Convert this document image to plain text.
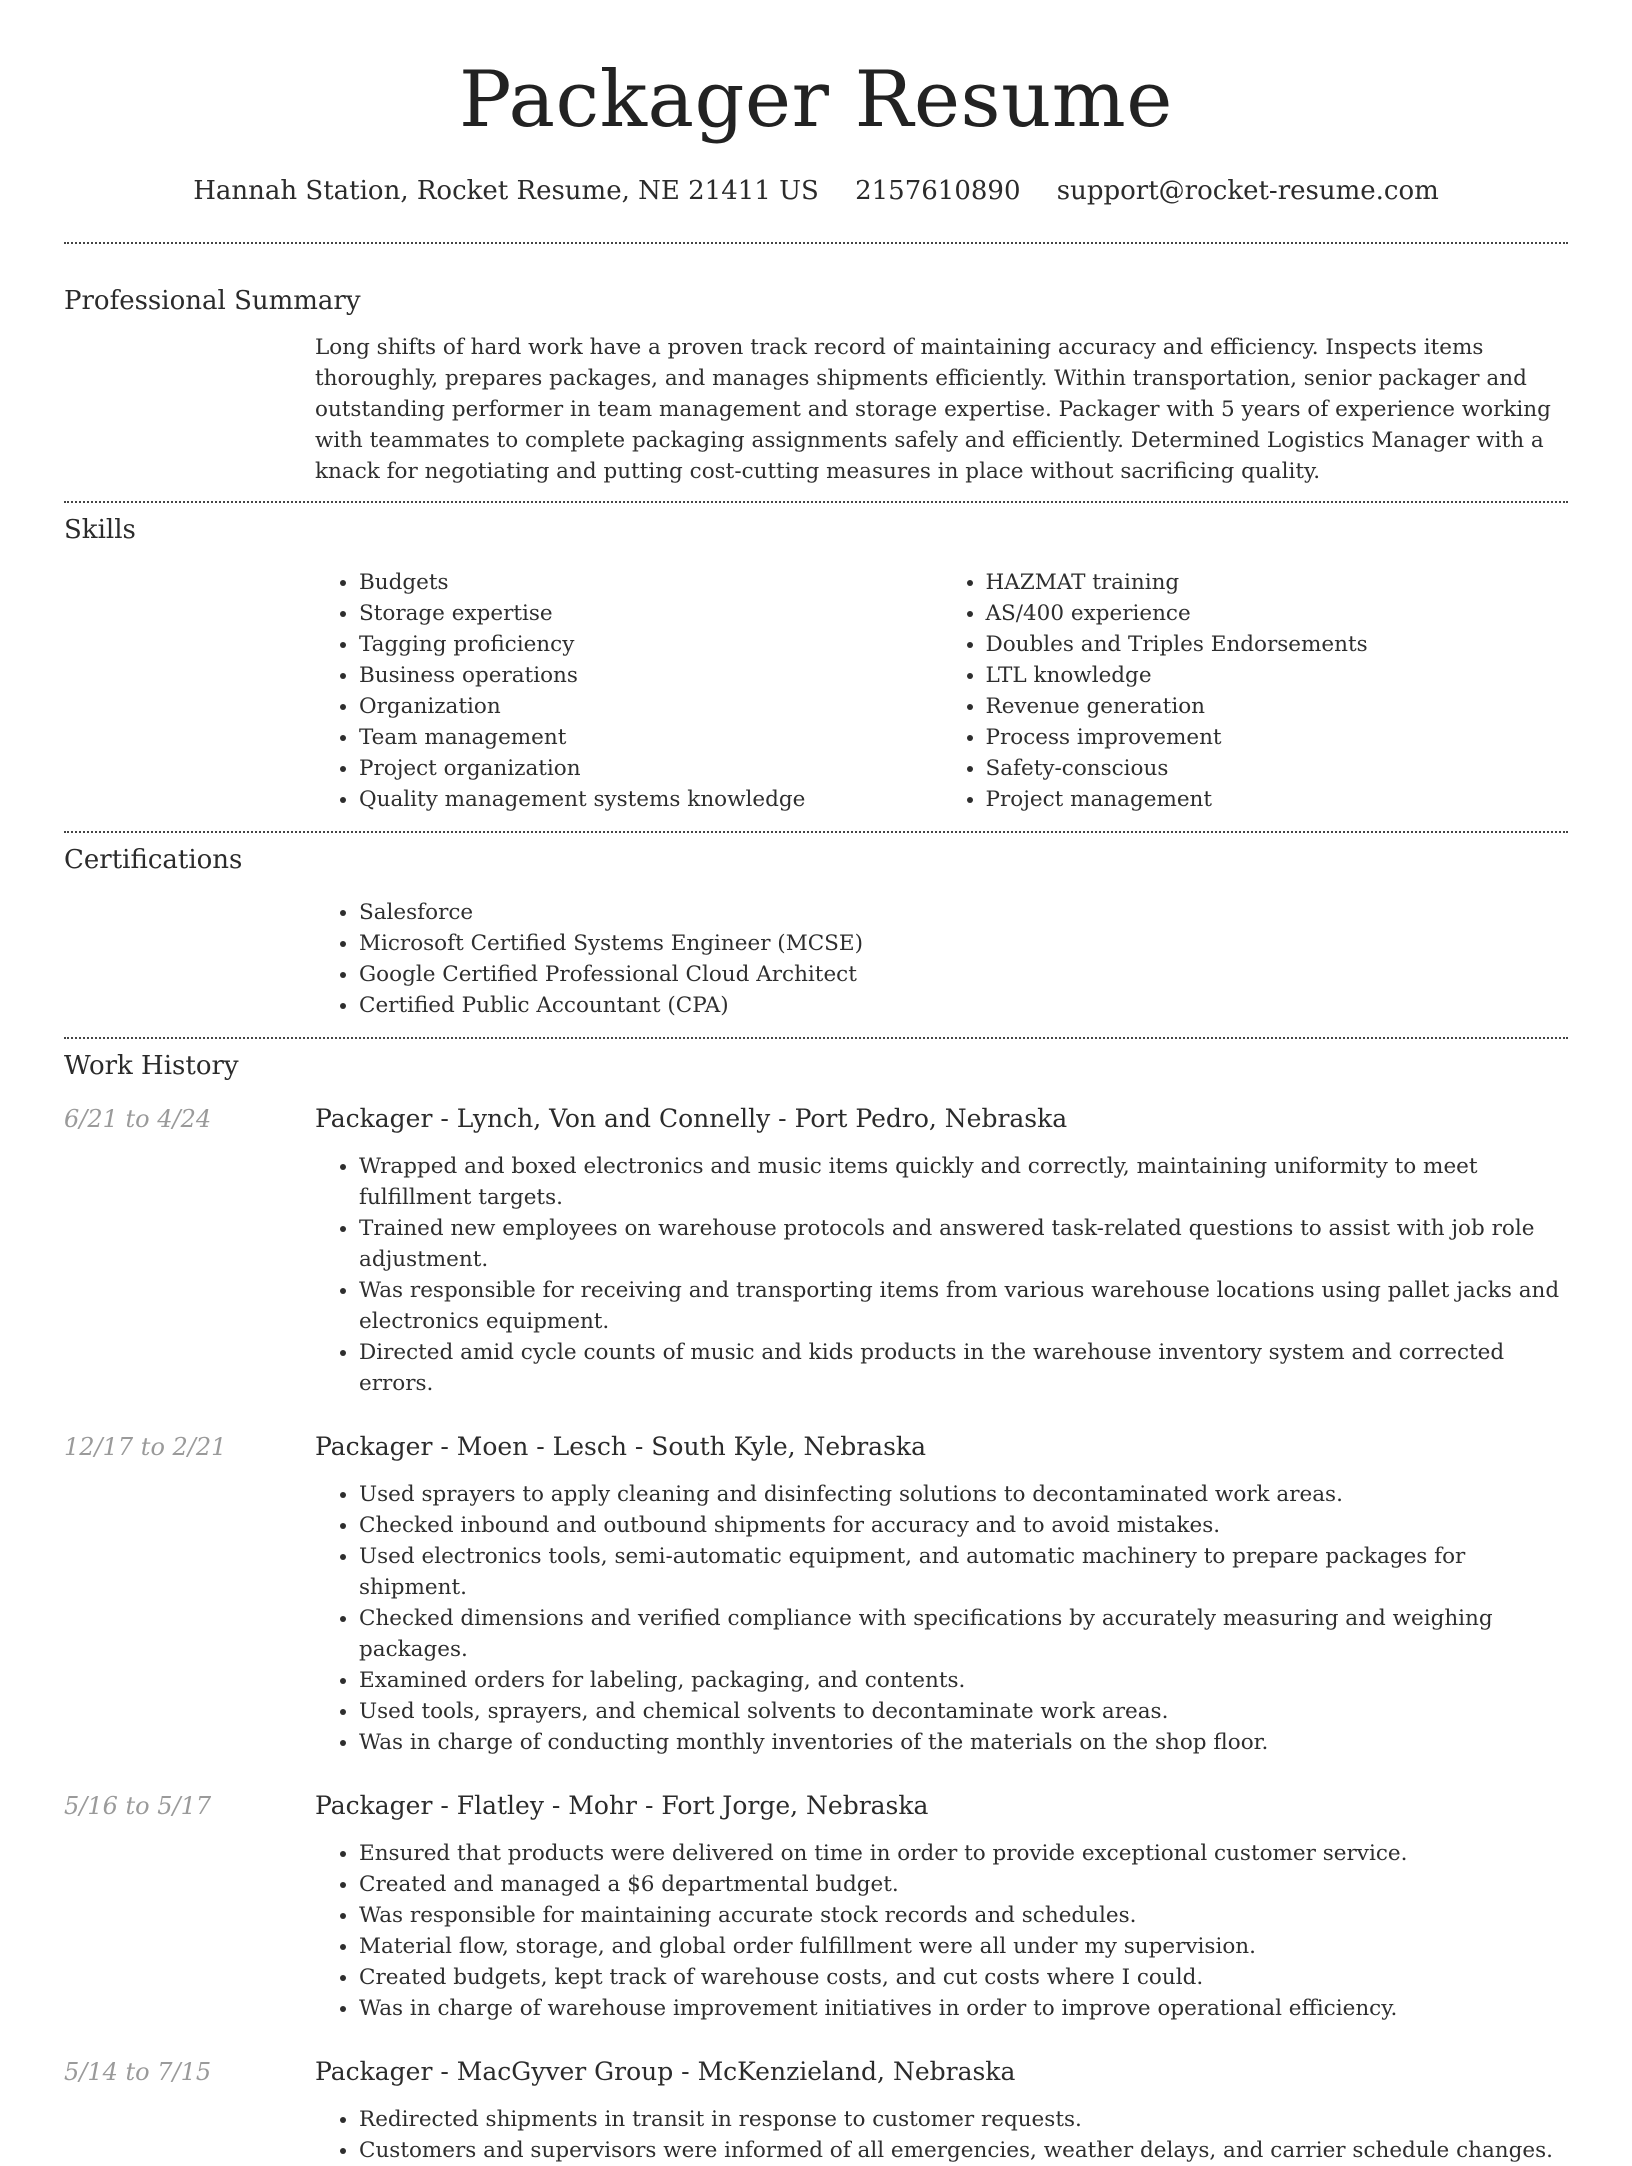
Packager Resume
Hannah Station, Rocket Resume, NE 21411 US 2157610890 support@rocket-resume.com
Professional Summary

Long shifts of hard work have a proven track record of maintaining accuracy and efficiency. Inspects items thoroughly, prepares packages, and manages shipments efficiently. Within transportation, senior packager and outstanding performer in team management and storage expertise. Packager with 5 years of experience working with teammates to complete packaging assignments safely and efficiently. Determined Logistics Manager with a knack for negotiating and putting cost-cutting measures in place without sacrificing quality.

Skills
• Budgets
• Storage expertise
• Tagging proficiency
• Business operations
• Organization
• Team management
• Project organization
• Quality management systems knowledge
• HAZMAT training
• AS/400 experience
• Doubles and Triples Endorsements
• LTL knowledge
• Revenue generation
• Process improvement
• Safety-conscious
• Project management
Certifications
• Salesforce
• Microsoft Certified Systems Engineer (MCSE)
• Google Certified Professional Cloud Architect
• Certified Public Accountant (CPA)
Work History
6/21 to 4/24	Packager - Lynch, Von and Connelly - Port Pedro, Nebraska
• Wrapped and boxed electronics and music items quickly and correctly, maintaining uniformity to meet fulfillment targets.
• Trained new employees on warehouse protocols and answered task-related questions to assist with job role adjustment.
• Was responsible for receiving and transporting items from various warehouse locations using pallet jacks and electronics equipment.
• Directed amid cycle counts of music and kids products in the warehouse inventory system and corrected errors.
12/17 to 2/21	Packager - Moen - Lesch - South Kyle, Nebraska
• Used sprayers to apply cleaning and disinfecting solutions to decontaminated work areas.
• Checked inbound and outbound shipments for accuracy and to avoid mistakes.
• Used electronics tools, semi-automatic equipment, and automatic machinery to prepare packages for shipment.
• Checked dimensions and verified compliance with specifications by accurately measuring and weighing packages.
• Examined orders for labeling, packaging, and contents.
• Used tools, sprayers, and chemical solvents to decontaminate work areas.
• Was in charge of conducting monthly inventories of the materials on the shop floor.
5/16 to 5/17	Packager - Flatley - Mohr - Fort Jorge, Nebraska
• Ensured that products were delivered on time in order to provide exceptional customer service.
• Created and managed a $6 departmental budget.
• Was responsible for maintaining accurate stock records and schedules.
• Material flow, storage, and global order fulfillment were all under my supervision.
• Created budgets, kept track of warehouse costs, and cut costs where I could.
• Was in charge of warehouse improvement initiatives in order to improve operational efficiency.
5/14 to 7/15	Packager - MacGyver Group - McKenzieland, Nebraska
• Redirected shipments in transit in response to customer requests.
• Customers and supervisors were informed of all emergencies, weather delays, and carrier schedule changes.
